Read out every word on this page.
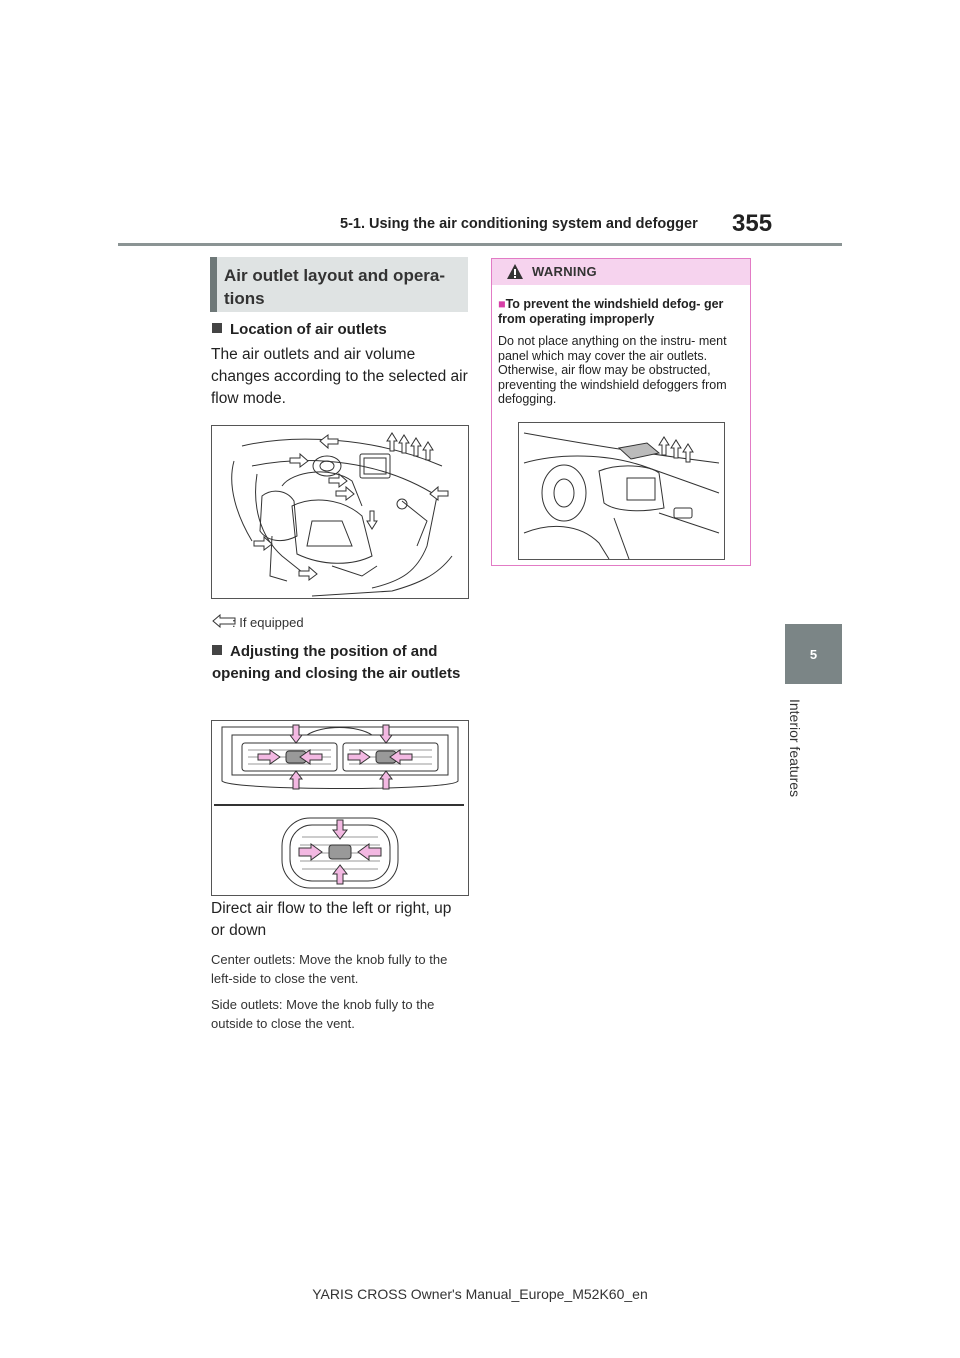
5-1. Using the air conditioning system and defogger 355
5
Interior features
Air outlet layout and opera- tions
Location of air outlets
The air outlets and air volume changes according to the selected air flow mode.
: If equipped
Adjusting the position of and opening and closing the air outlets
Direct air flow to the left or right, up or down
Center outlets: Move the knob fully to the left-side to close the vent.
Side outlets: Move the knob fully to the outside to close the vent.
WARNING
■To prevent the windshield defog- ger from operating improperly
Do not place anything on the instru- ment panel which may cover the air outlets. Otherwise, air flow may be obstructed, preventing the windshield defoggers from defogging.
YARIS CROSS Owner's Manual_Europe_M52K60_en
